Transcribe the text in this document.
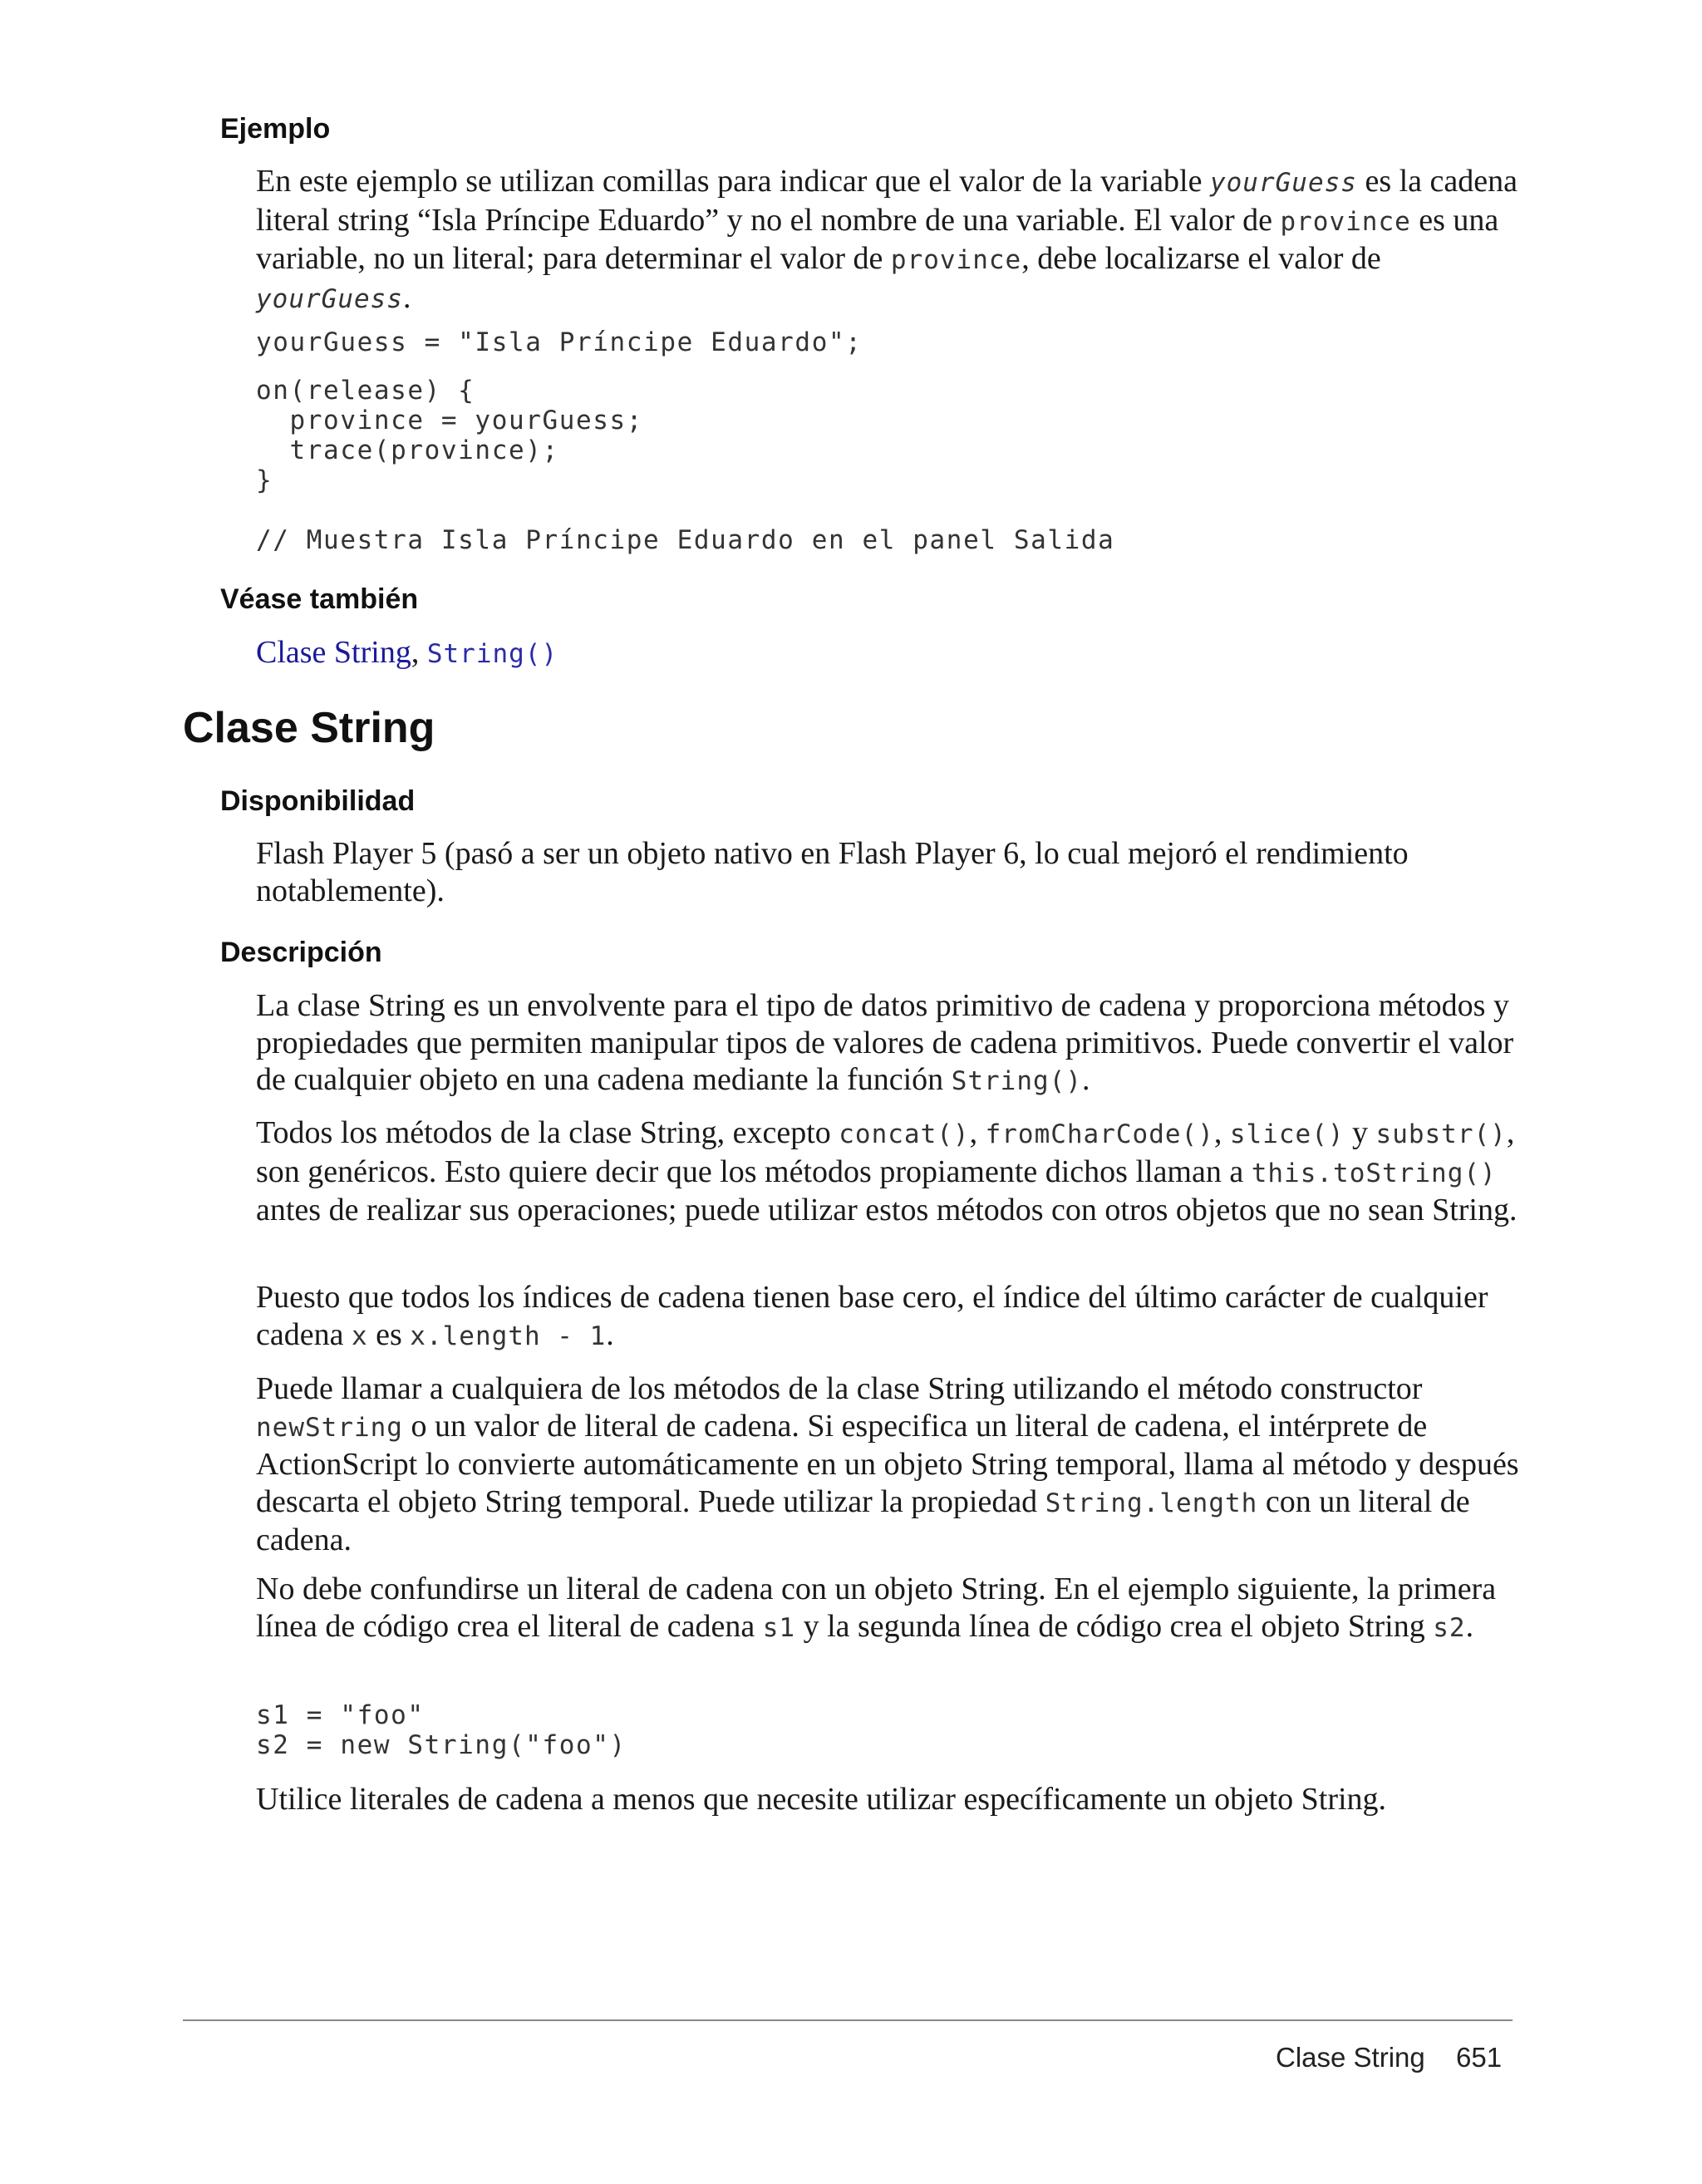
Ejemplo

En este ejemplo se utilizan comillas para indicar que el valor de la variable yourGuess es la cadena literal string “Isla Príncipe Eduardo” y no el nombre de una variable. El valor de province es una variable, no un literal; para determinar el valor de province, debe localizarse el valor de yourGuess.

yourGuess = "Isla Príncipe Eduardo";
on(release) {
province = yourGuess;
trace(province);
}
// Muestra Isla Príncipe Eduardo en el panel Salida
Véase también

Clase String, String()

Clase String
Disponibilidad

Flash Player 5 (pasó a ser un objeto nativo en Flash Player 6, lo cual mejoró el rendimiento notablemente).

Descripción

La clase String es un envolvente para el tipo de datos primitivo de cadena y proporciona métodos y propiedades que permiten manipular tipos de valores de cadena primitivos. Puede convertir el valor de cualquier objeto en una cadena mediante la función String().

Todos los métodos de la clase String, excepto concat(), fromCharCode(), slice() y substr(), son genéricos. Esto quiere decir que los métodos propiamente dichos llaman a this.toString() antes de realizar sus operaciones; puede utilizar estos métodos con otros objetos que no sean String.

Puesto que todos los índices de cadena tienen base cero, el índice del último carácter de cualquier cadena x es x.length - 1.

Puede llamar a cualquiera de los métodos de la clase String utilizando el método constructor newString o un valor de literal de cadena. Si especifica un literal de cadena, el intérprete de ActionScript lo convierte automáticamente en un objeto String temporal, llama al método y después descarta el objeto String temporal. Puede utilizar la propiedad String.length con un literal de cadena.

No debe confundirse un literal de cadena con un objeto String. En el ejemplo siguiente, la primera línea de código crea el literal de cadena s1 y la segunda línea de código crea el objeto String s2.

s1 = "foo"
s2 = new String("foo")

Utilice literales de cadena a menos que necesite utilizar específicamente un objeto String.

Clase String 651
